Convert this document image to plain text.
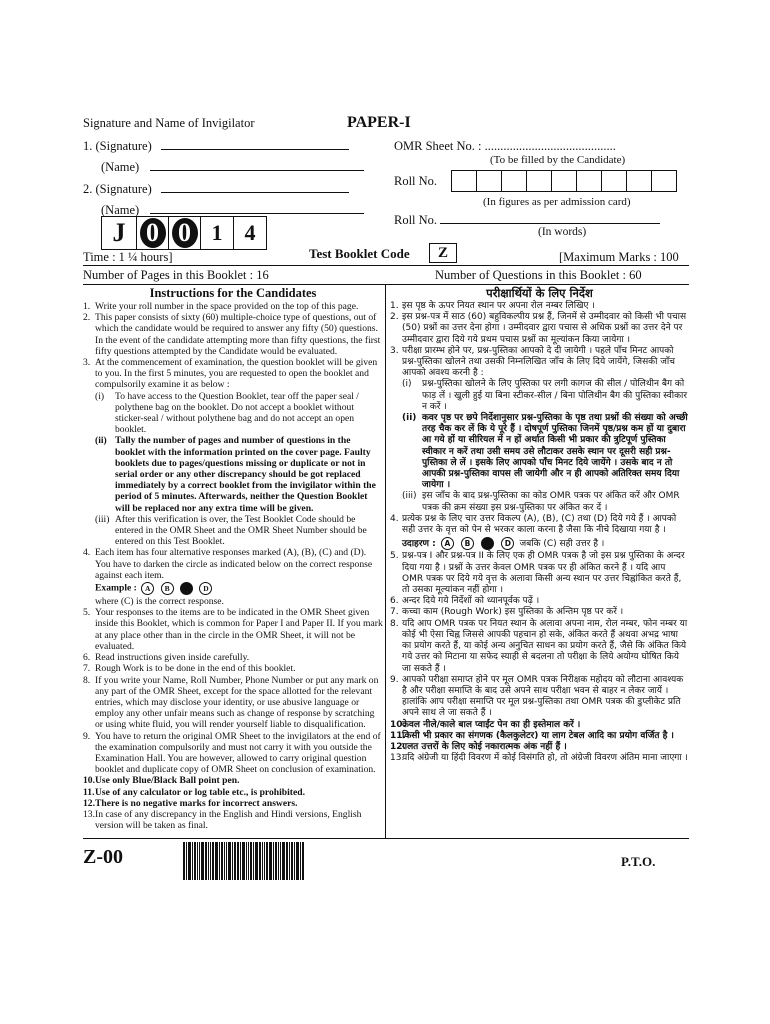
Signature and Name of Invigilator	PAPER-I
1. (Signature)
(Name)
2. (Signature)
(Name)
OMR Sheet No. : ..........................................
(To be filled by the Candidate)
Roll No.
(In figures as per admission card)
Roll No.
(In words)
J 0 0 1	4
Time : 1 ¼ hours]	Test Booklet Code	Z	[Maximum Marks : 100
Number of Pages in this Booklet : 16	Number of Questions in this Booklet : 60
Instructions for the Candidates
1. Write your roll number in the space provided on the top of this page.
2. This paper consists of sixty (60) multiple-choice type of questions, out of which the candidate would be required to answer any fifty (50) questions. In the event of the candidate attempting more than fifty questions, the first fifty questions attempted by the Candidate would be evaluated.
3. At the commencement of examination, the question booklet will be given to you. In the first 5 minutes, you are requested to open the booklet and compulsorily examine it as below :
(i) To have access to the Question Booklet, tear off the paper seal / polythene bag on the booklet. Do not accept a booklet without sticker-seal / without polythene bag and do not accept an open booklet.
(ii) Tally the number of pages and number of questions in the booklet with the information printed on the cover page. Faulty booklets due to pages/questions missing or duplicate or not in serial order or any other discrepancy should be got replaced immediately by a correct booklet from the invigilator within the period of 5 minutes. Afterwards, neither the Question Booklet will be replaced nor any extra time will be given.
(iii) After this verification is over, the Test Booklet Code should be entered in the OMR Sheet and the OMR Sheet Number should be entered on this Test Booklet.
4. Each item has four alternative responses marked (A), (B), (C) and (D). You have to darken the circle as indicated below on the correct response against each item.
Example : A B C D
where (C) is the correct response.
5. Your responses to the items are to be indicated in the OMR Sheet given inside this Booklet, which is common for Paper I and Paper II. If you mark at any place other than in the circle in the OMR Sheet, it will not be evaluated.
6. Read instructions given inside carefully.
7. Rough Work is to be done in the end of this booklet.
8. If you write your Name, Roll Number, Phone Number or put any mark on any part of the OMR Sheet, except for the space allotted for the relevant entries, which may disclose your identity, or use abusive language or employ any other unfair means such as change of response by scratching or using white fluid, you will render yourself liable to disqualification.
9. You have to return the original OMR Sheet to the invigilators at the end of the examination compulsorily and must not carry it with you outside the Examination Hall. You are however, allowed to carry original question booklet and duplicate copy of OMR Sheet on conclusion of examination.
10. Use only Blue/Black Ball point pen.
11. Use of any calculator or log table etc., is prohibited.
12. There is no negative marks for incorrect answers.
13. In case of any discrepancy in the English and Hindi versions, English version will be taken as final.
परीक्षार्थियों के लिए निर्देश
1. इस पृष्ठ के ऊपर नियत स्थान पर अपना रोल नम्बर लिखिए ।
2. इस प्रश्न-पत्र में साठ (60) बहुविकल्पीय प्रश्न हैं, जिनमें से उम्मीदवार को किसी भी पचास (50) प्रश्नों का उत्तर देना होगा । उम्मीदवार द्वारा पचास से अधिक प्रश्नों का उत्तर देने पर उम्मीदवार द्वारा दिये गये प्रथम पचास प्रश्नों का मूल्यांकन किया जायेगा ।
3. परीक्षा प्रारम्भ होने पर, प्रश्न-पुस्तिका आपको दे दी जायेगी । पहले पाँच मिनट आपको प्रश्न-पुस्तिका खोलने तथा उसकी निम्नलिखित जाँच के लिए दिये जायेंगे, जिसकी जाँच आपको अवश्य करनी है :
(i) प्रश्न-पुस्तिका खोलने के लिए पुस्तिका पर लगी कागज की सील / पोलिथीन बैग को फाड़ लें । खुली हुई या बिना स्टीकर-सील / बिना पोलिथीन बैग की पुस्तिका स्वीकार न करें ।
(ii) कवर पृष्ठ पर छपे निर्देशानुसार प्रश्न-पुस्तिका के पृष्ठ तथा प्रश्नों की संख्या को अच्छी तरह चैक कर लें कि ये पूरे हैं । दोषपूर्ण पुस्तिका जिनमें पृष्ठ/प्रश्न कम हों या दुबारा आ गये हों या सीरियल में न हों अर्थात किसी भी प्रकार की त्रुटिपूर्ण पुस्तिका स्वीकार न करें तथा उसी समय उसे लौटाकर उसके स्थान पर दूसरी सही प्रश्न-पुस्तिका ले लें । इसके लिए आपको पाँच मिनट दिये जायेंगे । उसके बाद न तो आपकी प्रश्न-पुस्तिका वापस ली जायेगी और न ही आपको अतिरिक्त समय दिया जायेगा ।
(iii) इस जाँच के बाद प्रश्न-पुस्तिका का कोड OMR पत्रक पर अंकित करें और OMR पत्रक की क्रम संख्या इस प्रश्न-पुस्तिका पर अंकित कर दें ।
4. प्रत्येक प्रश्न के लिए चार उत्तर विकल्प (A), (B), (C) तथा (D) दिये गये हैं । आपको सही उत्तर के वृत्त को पेन से भरकर काला करना है जैसा कि नीचे दिखाया गया है ।
उदाहरण : A B C D जबकि (C) सही उत्तर है ।
5. प्रश्न-पत्र I और प्रश्न-पत्र II के लिए एक ही OMR पत्रक है जो इस प्रश्न पुस्तिका के अन्दर दिया गया है । प्रश्नों के उत्तर केवल OMR पत्रक पर ही अंकित करने हैं । यदि आप OMR पत्रक पर दिये गये वृत्त के अलावा किसी अन्य स्थान पर उत्तर चिह्नांकित करते हैं, तो उसका मूल्यांकन नहीं होगा ।
6. अन्दर दिये गये निर्देशों को ध्यानपूर्वक पढ़ें ।
7. कच्चा काम (Rough Work) इस पुस्तिका के अन्तिम पृष्ठ पर करें ।
8. यदि आप OMR पत्रक पर नियत स्थान के अलावा अपना नाम, रोल नम्बर, फोन नम्बर या कोई भी ऐसा चिह्न जिससे आपकी पहचान हो सके, अंकित करते हैं अथवा अभद्र भाषा का प्रयोग करते हैं, या कोई अन्य अनुचित साधन का प्रयोग करते हैं, जैसे कि अंकित किये गये उत्तर को मिटाना या सफेद स्याही से बदलना तो परीक्षा के लिये अयोग्य घोषित किये जा सकते हैं ।
9. आपको परीक्षा समाप्त होने पर मूल OMR पत्रक निरीक्षक महोदय को लौटाना आवश्यक है और परीक्षा समाप्ति के बाद उसे अपने साथ परीक्षा भवन से बाहर न लेकर जायें । हालांकि आप परीक्षा समाप्ति पर मूल प्रश्न-पुस्तिका तथा OMR पत्रक की डुप्लीकेट प्रति अपने साथ ले जा सकते हैं ।
10.
केवल नीले/काले बाल प्वाईंट पेन का ही इस्तेमाल करें ।
11.
किसी भी प्रकार का संगणक (कैलकुलेटर) या लाग टेबल आदि का प्रयोग वर्जित है ।
12.
गलत उत्तरों के लिए कोई नकारात्मक अंक नहीं हैं ।
13.
यदि अंग्रेजी या हिंदी विवरण में कोई विसंगति हो, तो अंग्रेजी विवरण अंतिम माना जाएगा ।
Z-00	P.T.O.
